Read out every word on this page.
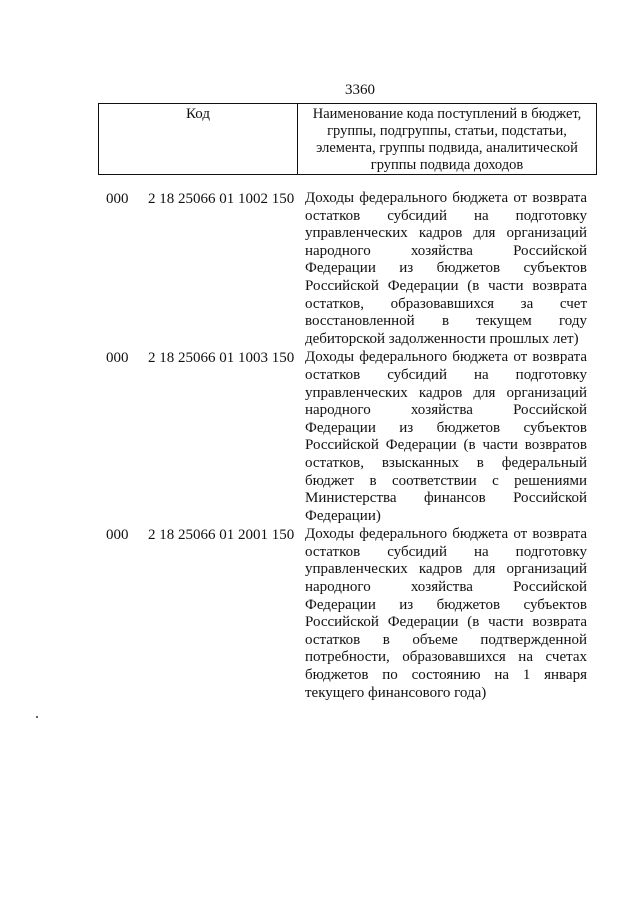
3360
Код	Наименование кода поступлений в бюджет, группы, подгруппы, статьи, подстатьи, элемента, группы подвида, аналитической группы подвида доходов
000 2 18 25066 01 1002 150 Доходы федерального бюджета от возврата остатков субсидий на подготовку управленческих кадров для организаций народного хозяйства Российской Федерации из бюджетов субъектов Российской Федерации (в части возврата остатков, образовавшихся за счет восстановленной в текущем году дебиторской задолженности прошлых лет)
000 2 18 25066 01 1003 150 Доходы федерального бюджета от возврата остатков субсидий на подготовку управленческих кадров для организаций народного хозяйства Российской Федерации из бюджетов субъектов Российской Федерации (в части возвратов остатков, взысканных в федеральный бюджет в соответствии с решениями Министерства финансов Российской Федерации)
000 2 18 25066 01 2001 150 Доходы федерального бюджета от возврата остатков субсидий на подготовку управленческих кадров для организаций народного хозяйства Российской Федерации из бюджетов субъектов Российской Федерации (в части возврата остатков в объеме подтвержденной потребности, образовавшихся на счетах бюджетов по состоянию на 1 января текущего финансового года)
